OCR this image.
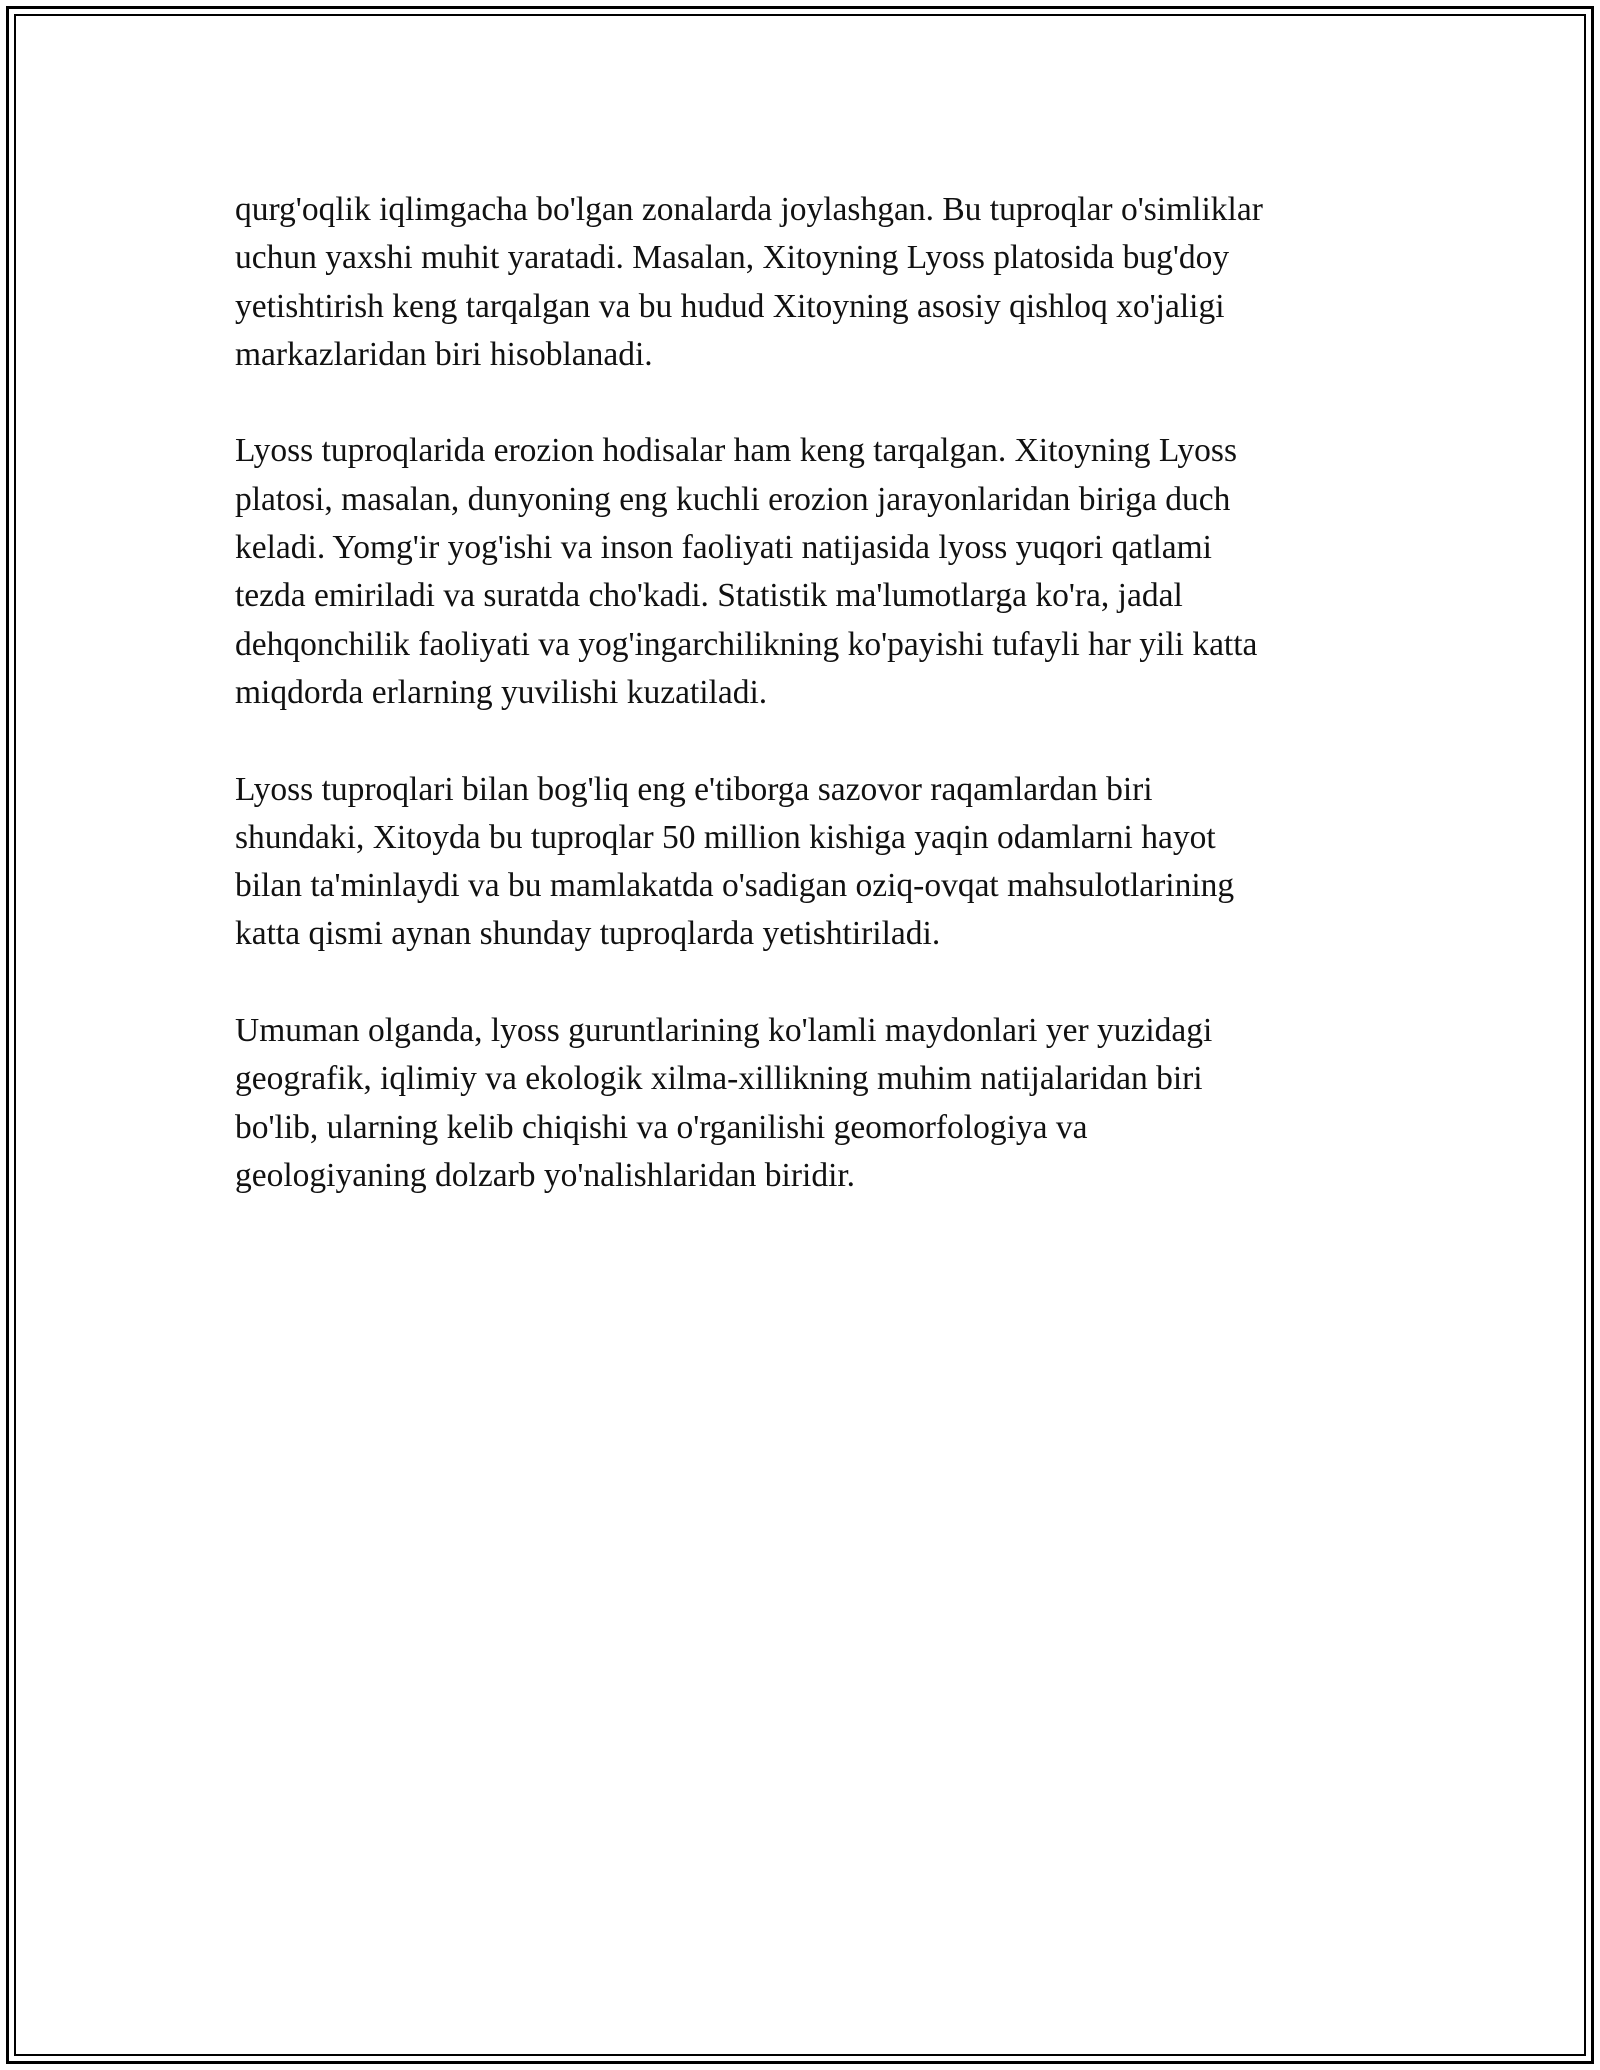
qurg'oqlik iqlimgacha bo'lgan zonalarda joylashgan. Bu tuproqlar o'simliklar
uchun yaxshi muhit yaratadi. Masalan, Xitoyning Lyoss platosida bug'doy
yetishtirish keng tarqalgan va bu hudud Xitoyning asosiy qishloq xo'jaligi
markazlaridan biri hisoblanadi.

Lyoss tuproqlarida erozion hodisalar ham keng tarqalgan. Xitoyning Lyoss
platosi, masalan, dunyoning eng kuchli erozion jarayonlaridan biriga duch
keladi. Yomg'ir yog'ishi va inson faoliyati natijasida lyoss yuqori qatlami
tezda emiriladi va suratda cho'kadi. Statistik ma'lumotlarga ko'ra, jadal
dehqonchilik faoliyati va yog'ingarchilikning ko'payishi tufayli har yili katta
miqdorda erlarning yuvilishi kuzatiladi.

Lyoss tuproqlari bilan bog'liq eng e'tiborga sazovor raqamlardan biri
shundaki, Xitoyda bu tuproqlar 50 million kishiga yaqin odamlarni hayot
bilan ta'minlaydi va bu mamlakatda o'sadigan oziq-ovqat mahsulotlarining
katta qismi aynan shunday tuproqlarda yetishtiriladi.

Umuman olganda, lyoss guruntlarining ko'lamli maydonlari yer yuzidagi
geografik, iqlimiy va ekologik xilma-xillikning muhim natijalaridan biri
bo'lib, ularning kelib chiqishi va o'rganilishi geomorfologiya va
geologiyaning dolzarb yo'nalishlaridan biridir.
